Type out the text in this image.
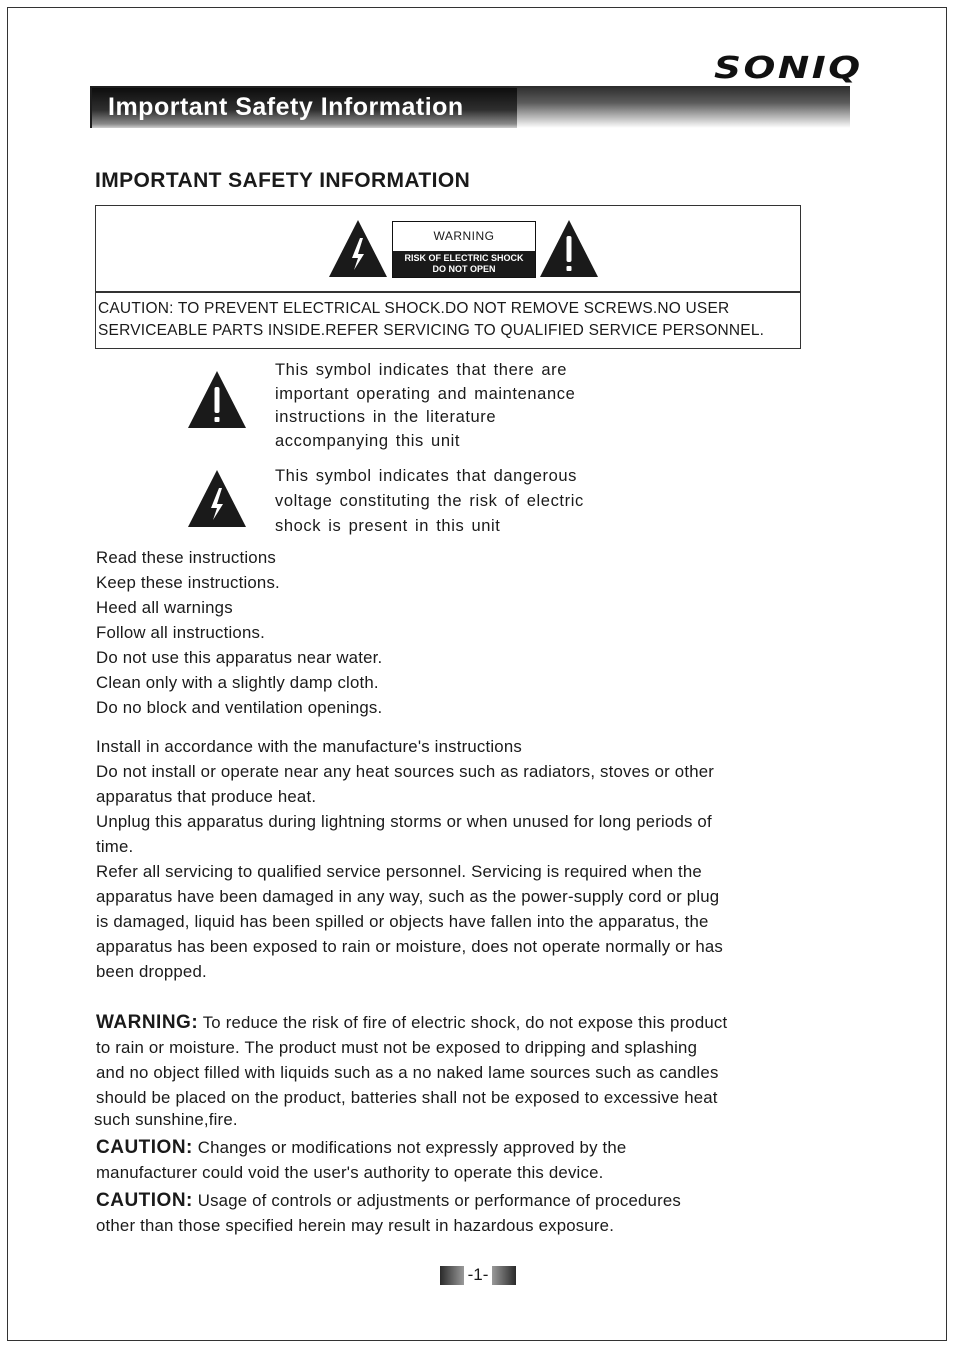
SONIQ
Important Safety Information
IMPORTANT SAFETY INFORMATION
WARNING
RISK OF ELECTRIC SHOCK
DO NOT OPEN
CAUTION: TO PREVENT ELECTRICAL SHOCK.DO NOT REMOVE SCREWS.NO USER
SERVICEABLE PARTS INSIDE.REFER SERVICING TO QUALIFIED SERVICE PERSONNEL.
This symbol indicates that there are
important operating and maintenance
instructions in the literature
accompanying this unit
This symbol indicates that dangerous
voltage constituting the risk of electric
shock is present in this unit
Read these instructions
Keep these instructions.
Heed all warnings
Follow all instructions.
Do not use this apparatus near water.
Clean only with a slightly damp cloth.
Do no block and ventilation openings.
Install in accordance with the manufacture's instructions
Do not install or operate near any heat sources such as radiators, stoves or other
apparatus that produce heat.
Unplug this apparatus during lightning storms or when unused for long periods of
time.
Refer all servicing to qualified service personnel. Servicing is required when the
apparatus have been damaged in any way, such as the power-supply cord or plug
is damaged, liquid has been spilled or objects have fallen into the apparatus, the
apparatus has been exposed to rain or moisture, does not operate normally or has
been dropped.
WARNING: To reduce the risk of fire of electric shock, do not expose this product
to rain or moisture. The product must not be exposed to dripping and splashing
and no object filled with liquids such as a no naked lame sources such as candles
should be placed on the product, batteries shall not be exposed to excessive heat
such sunshine,fire.
CAUTION: Changes or modifications not expressly approved by the
manufacturer could void the user's authority to operate this device.
CAUTION: Usage of controls or adjustments or performance of procedures
other than those specified herein may result in hazardous exposure.
-1-
